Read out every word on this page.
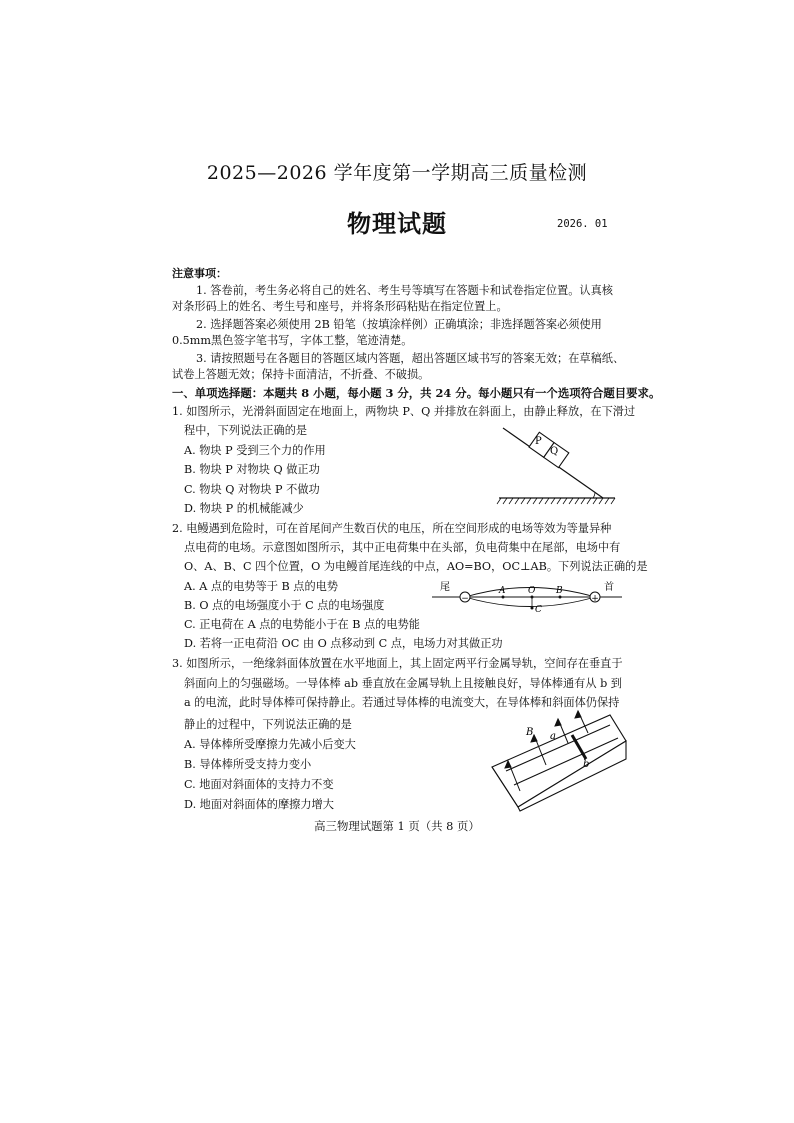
2025—2026 学年度第一学期高三质量检测
物理试题	2026. 01
注意事项：
1. 答卷前，考生务必将自己的姓名、考生号等填写在答题卡和试卷指定位置。认真核
对条形码上的姓名、考生号和座号，并将条形码粘贴在指定位置上。
2. 选择题答案必须使用 2B 铅笔（按填涂样例）正确填涂；非选择题答案必须使用
0.5mm黑色签字笔书写，字体工整，笔迹清楚。
3. 请按照题号在各题目的答题区域内答题，超出答题区域书写的答案无效；在草稿纸、
试卷上答题无效；保持卡面清洁，不折叠、不破损。
一、单项选择题：本题共 8 小题，每小题 3 分，共 24 分。每小题只有一个选项符合题目要求。
1. 如图所示，光滑斜面固定在地面上，两物块 P、Q 并排放在斜面上，由静止释放，在下滑过
程中，下列说法正确的是
A. 物块 P 受到三个力的作用
B. 物块 P 对物块 Q 做正功
C. 物块 Q 对物块 P 不做功
D. 物块 P 的机械能减少
P
Q
2. 电鳗遇到危险时，可在首尾间产生数百伏的电压，所在空间形成的电场等效为等量异种
点电荷的电场。示意图如图所示，其中正电荷集中在头部，负电荷集中在尾部，电场中有
O、A、B、C 四个位置，O 为电鳗首尾连线的中点，AO=BO，OC⊥AB。下列说法正确的是
A. A 点的电势等于 B 点的电势
B. O 点的电场强度小于 C 点的电场强度
C. 正电荷在 A 点的电势能小于在 B 点的电势能
D. 若将一正电荷沿 OC 由 O 点移动到 C 点，电场力对其做正功
−	+
尾	首
A	O B
C
3. 如图所示，一绝缘斜面体放置在水平地面上，其上固定两平行金属导轨，空间存在垂直于
斜面向上的匀强磁场。一导体棒 ab 垂直放在金属导轨上且接触良好，导体棒通有从 b 到
a 的电流，此时导体棒可保持静止。若通过导体棒的电流变大，在导体棒和斜面体仍保持
静止的过程中，下列说法正确的是
A. 导体棒所受摩擦力先减小后变大
B. 导体棒所受支持力变小
C. 地面对斜面体的支持力不变
D. 地面对斜面体的摩擦力增大
B a
b
高三物理试题第 1 页（共 8 页）
